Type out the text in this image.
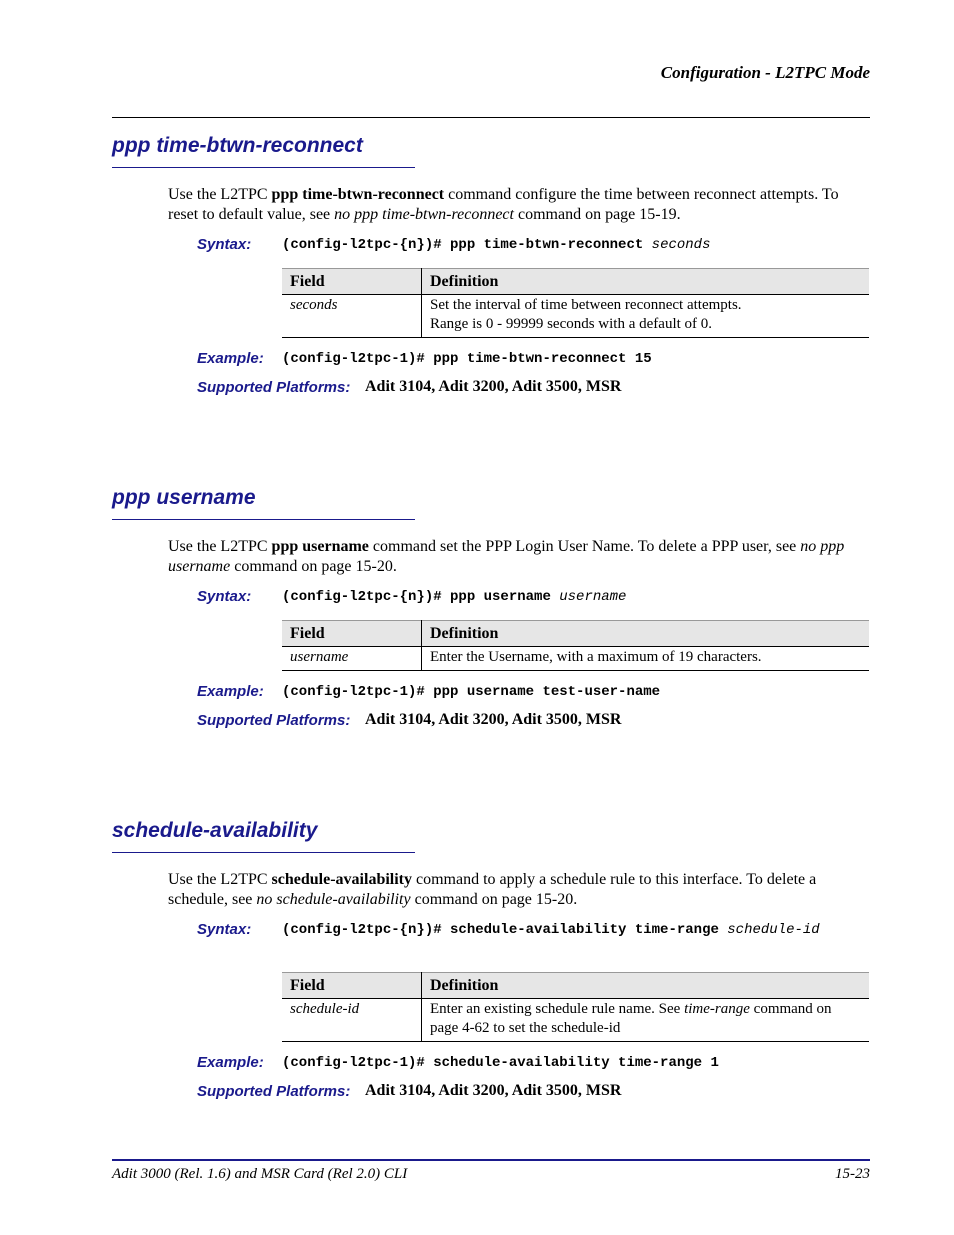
Configuration - L2TPC Mode
ppp time-btwn-reconnect
Use the L2TPC ppp time-btwn-reconnect command configure the time between reconnect attempts. To reset to default value, see no ppp time-btwn-reconnect command on page 15-19.
Syntax: (config-l2tpc-{n})# ppp time-btwn-reconnect seconds
Field	Definition
seconds	Set the interval of time between reconnect attempts.
Range is 0 - 99999 seconds with a default of 0.
Example: (config-l2tpc-1)# ppp time-btwn-reconnect 15
Supported Platforms: Adit 3104, Adit 3200, Adit 3500, MSR
ppp username
Use the L2TPC ppp username command set the PPP Login User Name. To delete a PPP user, see no ppp username command on page 15-20.
Syntax: (config-l2tpc-{n})# ppp username username
Field	Definition
username	Enter the Username, with a maximum of 19 characters.
Example: (config-l2tpc-1)# ppp username test-user-name
Supported Platforms: Adit 3104, Adit 3200, Adit 3500, MSR
schedule-availability
Use the L2TPC schedule-availability command to apply a schedule rule to this interface. To delete a schedule, see no schedule-availability command on page 15-20.
Syntax: (config-l2tpc-{n})# schedule-availability time-range schedule-id
Field	Definition
schedule-id	Enter an existing schedule rule name. See time-range command on page 4-62 to set the schedule-id
Example: (config-l2tpc-1)# schedule-availability time-range 1
Supported Platforms: Adit 3104, Adit 3200, Adit 3500, MSR
Adit 3000 (Rel. 1.6) and MSR Card (Rel 2.0) CLI	15-23
